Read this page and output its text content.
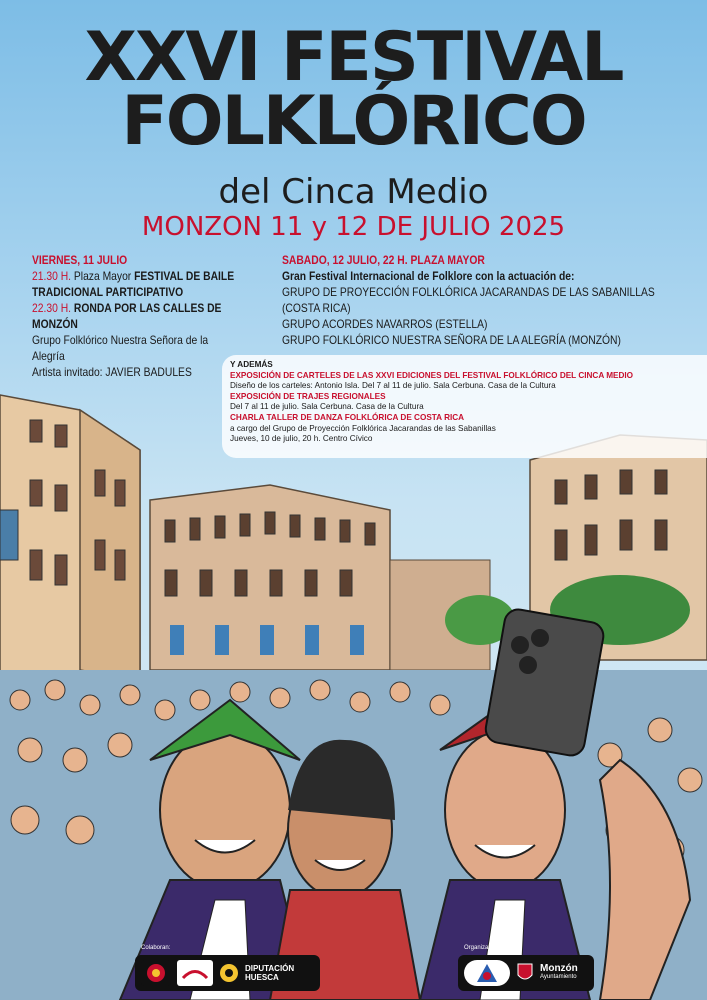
XXVI FESTIVAL
FOLKLÓRICO
del Cinca Medio
MONZON 11 y 12 DE JULIO 2025
VIERNES, 11 JULIO
21.30 H. Plaza Mayor FESTIVAL DE BAILE
TRADICIONAL PARTICIPATIVO
22.30 H. RONDA POR LAS CALLES DE MONZÓN
Grupo Folklórico Nuestra Señora de la Alegría
Artista invitado: JAVIER BADULES
SABADO, 12 JULIO, 22 H. PLAZA MAYOR
Gran Festival Internacional de Folklore con la actuación de:
GRUPO DE PROYECCIÓN FOLKLÓRICA JACARANDAS DE LAS SABANILLAS (COSTA RICA)
GRUPO ACORDES NAVARROS (ESTELLA)
GRUPO FOLKLÓRICO NUESTRA SEÑORA DE LA ALEGRÍA (MONZÓN)
Y ADEMÁS
EXPOSICIÓN DE CARTELES DE LAS XXVI EDICIONES DEL FESTIVAL FOLKLÓRICO DEL CINCA MEDIO
Diseño de los carteles: Antonio Isla. Del 7 al 11 de julio. Sala Cerbuna. Casa de la Cultura
EXPOSICIÓN DE TRAJES REGIONALES
Del 7 al 11 de julio. Sala Cerbuna. Casa de la Cultura
CHARLA TALLER DE DANZA FOLKLÓRICA DE COSTA RICA
a cargo del Grupo de Proyección Folklórica Jacarandas de las Sabanillas
Jueves, 10 de julio, 20 h. Centro Cívico
Colaboran:
DIPUTACIÓN
HUESCA
Organizan:
Monzón
Ayuntamiento
